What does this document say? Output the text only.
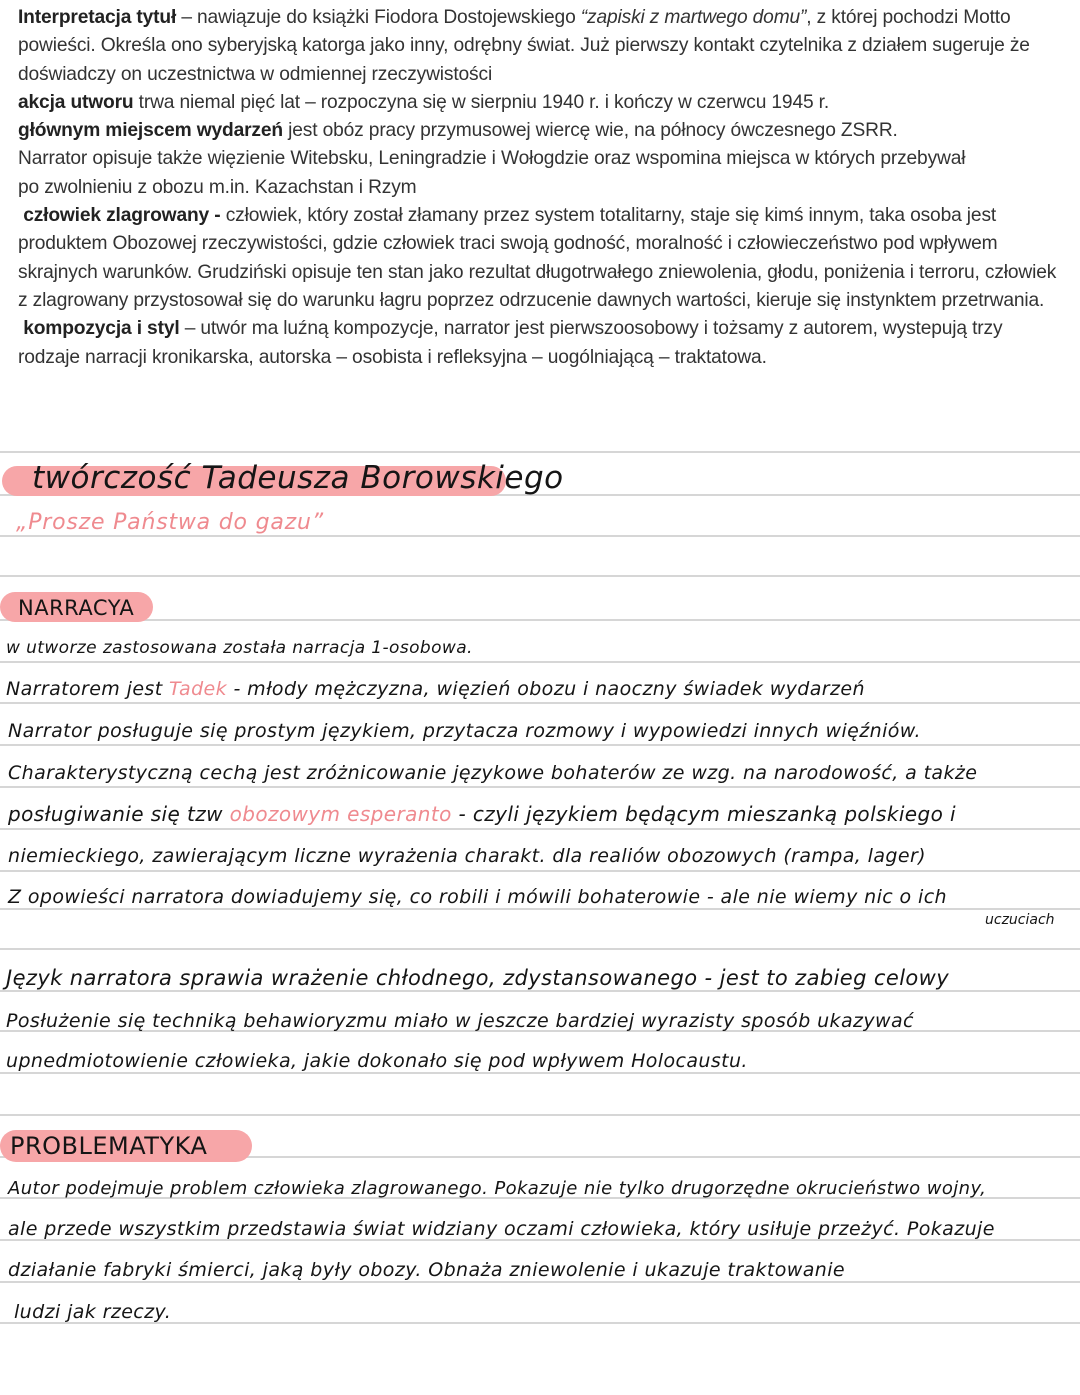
Interpretacja tytuł – nawiązuje do książki Fiodora Dostojewskiego “zapiski z martwego domu”, z której pochodzi Motto powieści. Określa ono syberyjską katorga jako inny, odrębny świat. Już pierwszy kontakt czytelnika z działem sugeruje że doświadczy on uczestnictwa w odmiennej rzeczywistości

akcja utworu trwa niemal pięć lat – rozpoczyna się w sierpniu 1940 r. i kończy w czerwcu 1945 r.

głównym miejscem wydarzeń jest obóz pracy przymusowej wiercę wie, na północy ówczesnego ZSRR.
Narrator opisuje także więzienie Witebsku, Leningradzie i Wołogdzie oraz wspomina miejsca w których przebywał
po zwolnieniu z obozu m.in. Kazachstan i Rzym

człowiek zlagrowany - człowiek, który został złamany przez system totalitarny, staje się kimś innym, taka osoba jest produktem Obozowej rzeczywistości, gdzie człowiek traci swoją godność, moralność i człowieczeństwo pod wpływem skrajnych warunków. Grudziński opisuje ten stan jako rezultat długotrwałego zniewolenia, głodu, poniżenia i terroru, człowiek z zlagrowany przystosował się do warunku łagru poprzez odrzucenie dawnych wartości, kieruje się instynktem przetrwania.

kompozycja i styl – utwór ma luźną kompozycje, narrator jest pierwszoosobowy i tożsamy z autorem, wystepują trzy rodzaje narracji kronikarska, autorska – osobista i refleksyjna – uogólniającą – traktatowa.

twórczość Tadeusza Borowskiego
„Prosze Państwa do gazu”
NARRACYA
w utworze zastosowana została narracja 1-osobowa.
Narratorem jest Tadek - młody mężczyzna, więzień obozu i naoczny świadek wydarzeń
Narrator posługuje się prostym językiem, przytacza rozmowy i wypowiedzi innych więźniów.
Charakterystyczną cechą jest zróżnicowanie językowe bohaterów ze wzg. na narodowość, a także
posługiwanie się tzw obozowym esperanto - czyli językiem będącym mieszanką polskiego i
niemieckiego, zawierającym liczne wyrażenia charakt. dla realiów obozowych (rampa, lager)
Z opowieści narratora dowiadujemy się, co robili i mówili bohaterowie - ale nie wiemy nic o ich
uczuciach
Język narratora sprawia wrażenie chłodnego, zdystansowanego - jest to zabieg celowy
Posłużenie się techniką behawioryzmu miało w jeszcze bardziej wyrazisty sposób ukazywać
upnedmiotowienie człowieka, jakie dokonało się pod wpływem Holocaustu.
PROBLEMATYKA
Autor podejmuje problem człowieka zlagrowanego. Pokazuje nie tylko drugorzędne okrucieństwo wojny,
ale przede wszystkim przedstawia świat widziany oczami człowieka, który usiłuje przeżyć. Pokazuje
działanie fabryki śmierci, jaką były obozy. Obnaża zniewolenie i ukazuje traktowanie
ludzi jak rzeczy.
